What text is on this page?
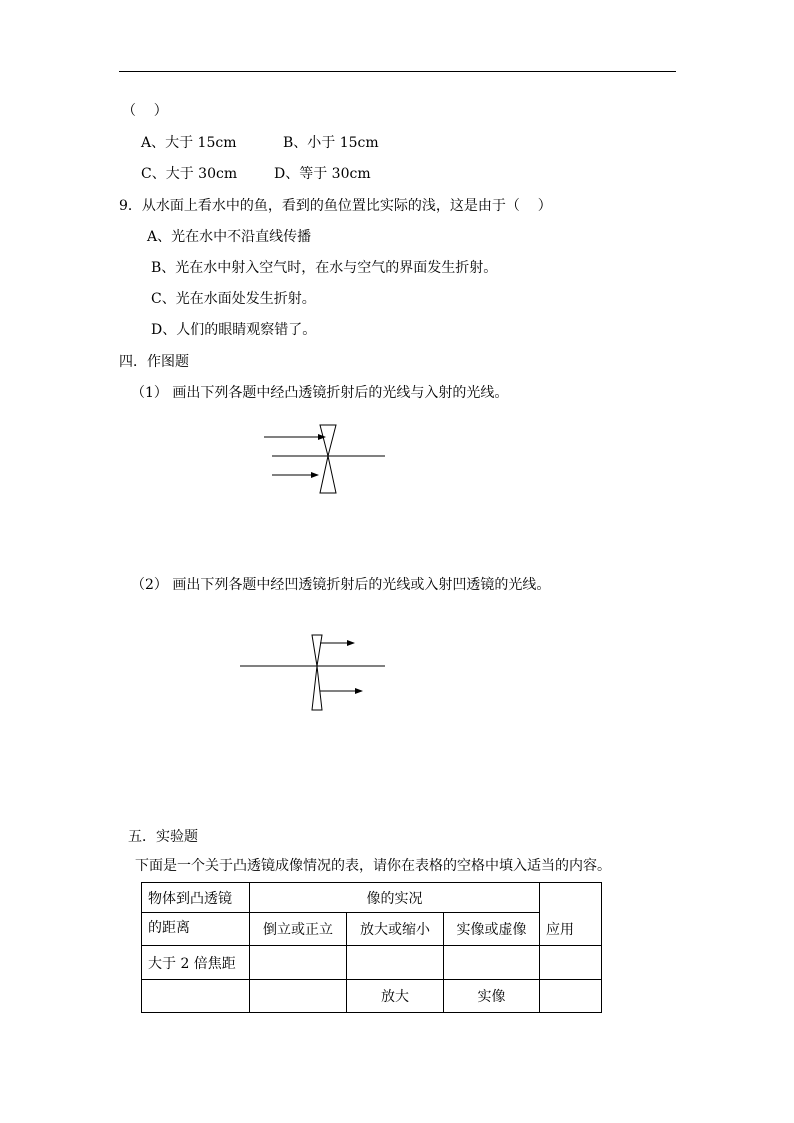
（    ）
A、大于 15cm	B、小于 15cm
C、大于 30cm	D、等于 30cm
9．从水面上看水中的鱼，看到的鱼位置比实际的浅，这是由于（    ）
A、光在水中不沿直线传播
B、光在水中射入空气时，在水与空气的界面发生折射。
C、光在水面处发生折射。
D、人们的眼睛观察错了。
四．作图题
（1） 画出下列各题中经凸透镜折射后的光线与入射的光线。
（2） 画出下列各题中经凹透镜折射后的光线或入射凹透镜的光线。
五．实验题
下面是一个关于凸透镜成像情况的表，请你在表格的空格中填入适当的内容。
物体到凸透镜	像的实况			应用
的距离	倒立或正立	放大或缩小	实像或虚像	
大于 2 倍焦距				
		放大	实像	
